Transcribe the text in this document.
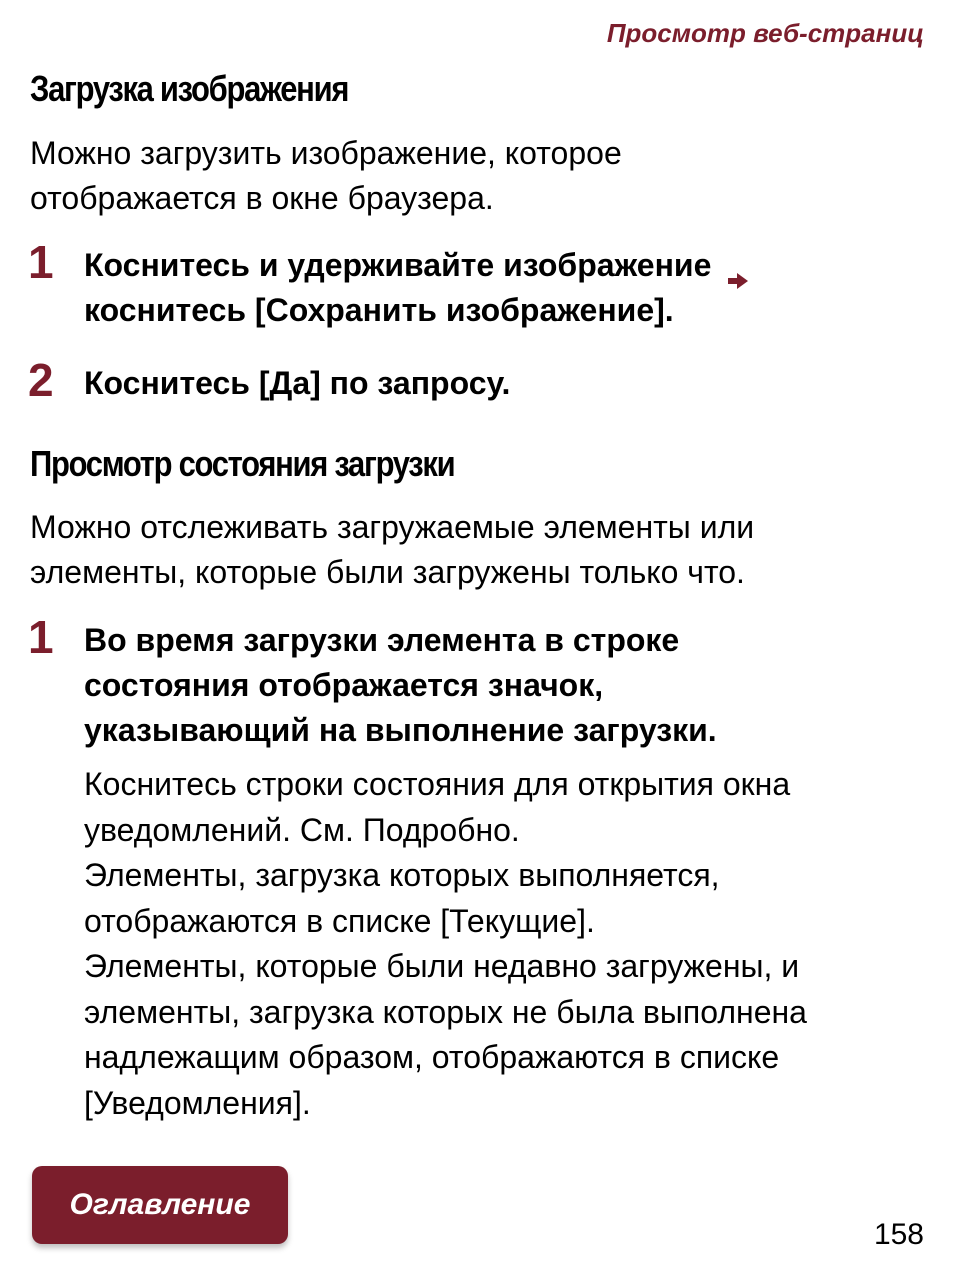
Просмотр веб-страниц
Загрузка изображения
Можно загрузить изображение, которое
отображается в окне браузера.
1 Коснитесь и удерживайте изображение
коснитесь [Сохранить изображение].
2 Коснитесь [Да] по запросу.
Просмотр состояния загрузки
Можно отслеживать загружаемые элементы или
элементы, которые были загружены только что.
1 Во время загрузки элемента в строке
состояния отображается значок,
указывающий на выполнение загрузки.
Коснитесь строки состояния для открытия окна
уведомлений. См. Подробно.
Элементы, загрузка которых выполняется,
отображаются в списке [Текущие].
Элементы, которые были недавно загружены, и
элементы, загрузка которых не была выполнена
надлежащим образом, отображаются в списке
[Уведомления].
Оглавление
158
